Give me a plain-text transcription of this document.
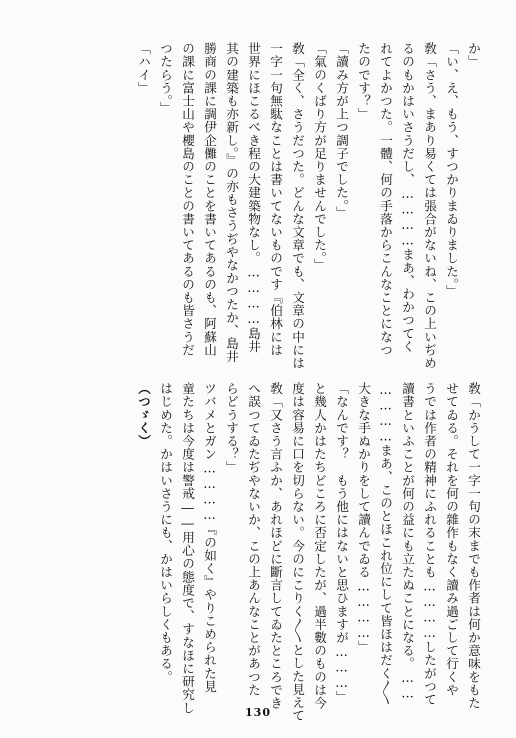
か」
「い、え、もう、すつかりまゐりました。」
敎「さう、まあり易くては張合がないね、この上いぢめ
るのもかはいさうだし、…………まあ、わかつてく
れてよかつた。一體、何の手落からこんなことになつ
たのです？」
「讀み方が上つ調子でした。」
「氣のくばり方が足りませんでした。」
敎「全く、さうだつた。どんな文章でも、文章の中には
一字一句無駄なことは書いてないものです『伯林には
世界にほこるべき程の大建築物なし。…………島井
其の建築も亦新し。』の亦もさうぢやなかつたか、島井
勝商の課に調伊企儺のことを書いてあるのも、阿蘇山
の課に富士山や櫻島のことの書いてあるのも皆さうだ
つたらう。」
「ハイ」
敎「かうして一字一句の末までも作者は何か意味をもた
せてゐる。それを何の雜作もなく讀み過ごして行くや
うでは作者の精神にふれることも…………したがつて
讀書といふことが何の益にも立たぬことになる。……
…………まあ、このとほこれ位にして皆ほはだく〳〵
大きな手ぬかりをして讀んでゐる…………」
「なんです？　もう他にはないと思ひますが………」
と幾人かはたちどころに否定したが、過半數のものは今
度は容易に口を切らない。今のにこりく〳〵とした見えて
敎「又さう言ふか、あれほどに斷言してゐたところでき
へ誤つてゐたぢやないか、この上あんなことがあつた
らどうする？」
ツバメとガン…………『の如く』やりこめられた見
童たちは今度は警戒――用心の態度で、すなほに研究し
はじめた。かはいさうにも、かはいらしくもある。
（つゞく）
130
